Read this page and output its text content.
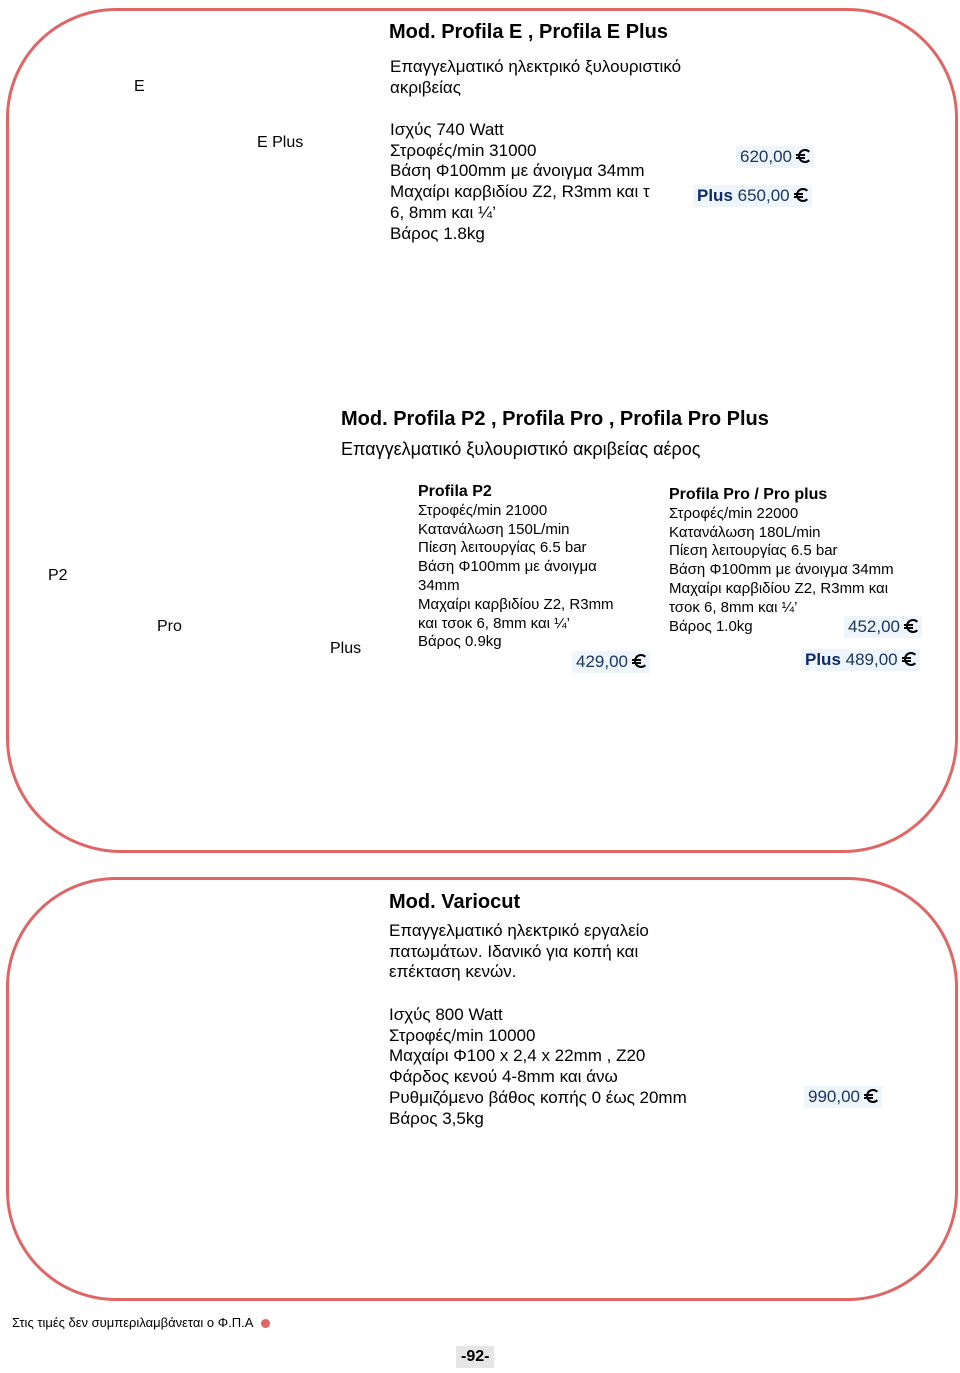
Mod. Profila E , Profila E Plus
E
E Plus
Επαγγελματικό ηλεκτρικό ξυλουριστικό
ακριβείας
Ισχύς 740 Watt
Στροφές/min 31000
Βάση Φ100mm με άνοιγμα 34mm
Μαχαίρι καρβιδίου Z2, R3mm και τ
6, 8mm και ¼’
Βάρος 1.8kg
620,00
Plus 650,00
Mod. Profila P2 , Profila Pro , Profila Pro Plus
Επαγγελματικό ξυλουριστικό ακριβείας αέρος
P2
Pro
Plus
Profila P2
Στροφές/min 21000
Κατανάλωση 150L/min
Πίεση λειτουργίας 6.5 bar
Βάση Φ100mm με άνοιγμα
34mm
Μαχαίρι καρβιδίου Z2, R3mm
και τσοκ 6, 8mm και ¼’
Βάρος 0.9kg
429,00
Profila Pro / Pro plus
Στροφές/min 22000
Κατανάλωση 180L/min
Πίεση λειτουργίας 6.5 bar
Βάση Φ100mm με άνοιγμα 34mm
Μαχαίρι καρβιδίου Z2, R3mm και
τσοκ 6, 8mm και ¼’
Βάρος 1.0kg	452,00
Plus 489,00
Mod. Variocut
Επαγγελματικό ηλεκτρικό εργαλείο
πατωμάτων. Ιδανικό για κοπή και
επέκταση κενών.
Ισχύς 800 Watt
Στροφές/min 10000
Μαχαίρι Φ100 x 2,4 x 22mm , Z20
Φάρδος κενού 4-8mm και άνω
Ρυθμιζόμενο βάθος κοπής 0 έως 20mm
Βάρος 3,5kg
990,00
Στις τιμές δεν συμπεριλαμβάνεται ο Φ.Π.Α
-92-
